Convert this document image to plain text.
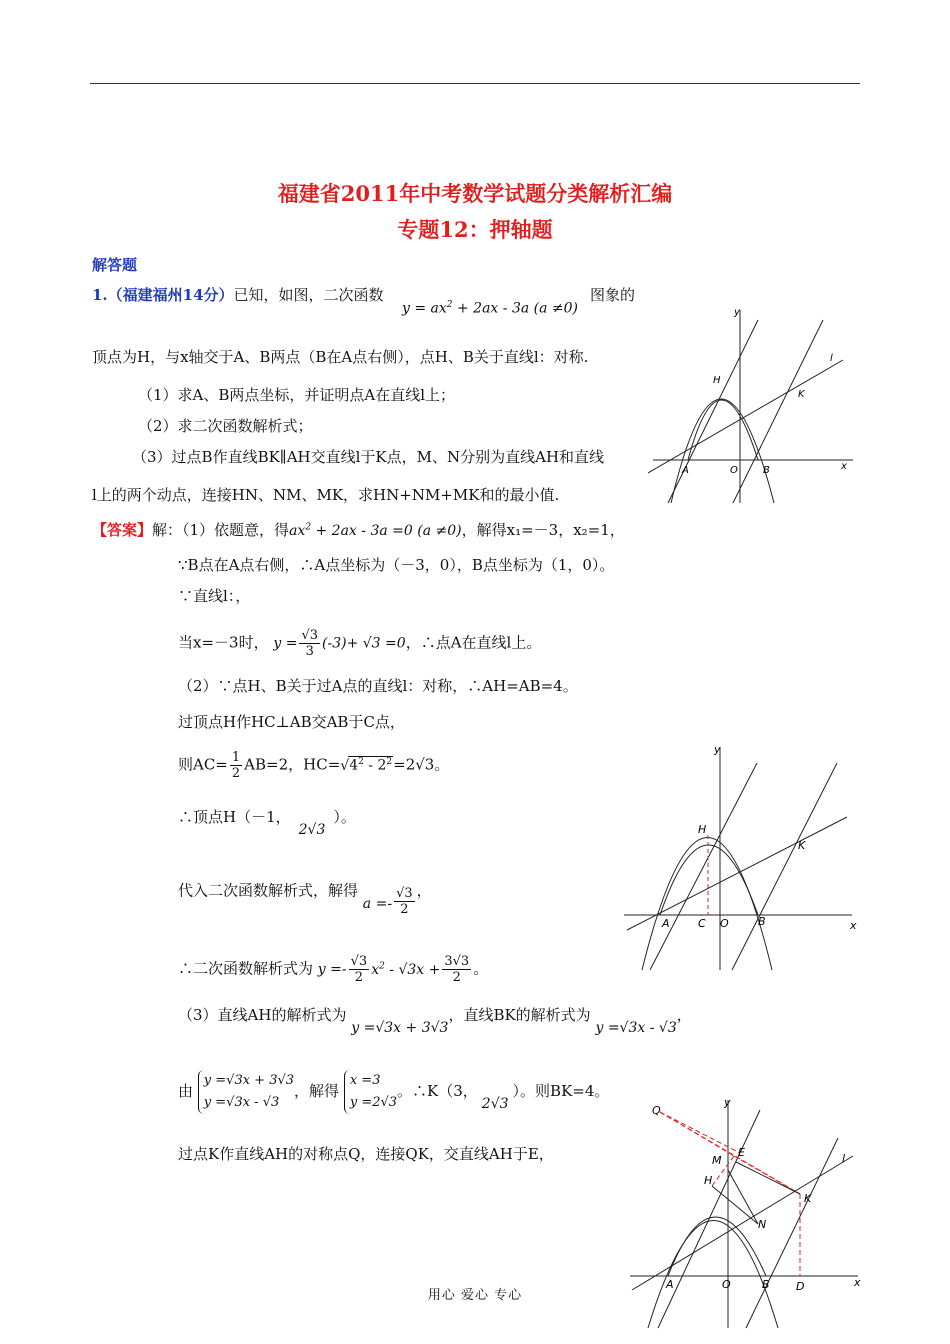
福建省2011年中考数学试题分类解析汇编
专题12：押轴题
解答题
1.（福建福州14分）已知，如图，二次函数
$y = ax^2 + 2ax - 3a$ (a ≠0)
图象的
顶点为H，与x轴交于A、B两点（B在A点右侧），点H、B关于直线l：对称.
（1）求A、B两点坐标，并证明点A在直线l上；
（2）求二次函数解析式；
（3）过点B作直线BK∥AH交直线l于K点，M、N分别为直线AH和直线
l上的两个动点，连接HN、NM、MK，求HN+NM+MK和的最小值.
【答案】解：（1）依题意，得$ax^2 + 2ax - 3a =0$ (a ≠0)，解得x₁=－3，x₂=1，
∵B点在A点右侧，∴A点坐标为（－3，0），B点坐标为（1，0）。
∵直线l：，
当x=－3时， $y = \frac{√3}{3} (-3)+ √3 =0$，∴点A在直线l上。
（2）∵点H、B关于过A点的直线l：对称，∴AH=AB=4。
过顶点H作HC⊥AB交AB于C点，
则$AC= \frac{1}{2} AB=2$，$HC=√4^2 - 2^2=2√3$。
∴顶点H（－1，2√3）。
代入二次函数解析式，解得 $a =- \frac{√3}{2}$ ，
∴二次函数解析式为 $y =- \frac{√3}{2} x^2 - √3x + \frac{3√3}{2}$ 。
（3）直线AH的解析式为 y =√3x + 3√3，直线BK的解析式为 y =√3x - √3，
由 y =√3x + 3√3
y =√3x - √3，解得 x =3
y =2√3。∴K（3，2√3）。则BK=4。
过点K作直线AH的对称点Q，连接QK，交直线AH于E，
y
x
O
A	B
H
K
l
y
x
O
A	B
C
H
K
y
x
O
A	B D
H
K
l
Q
E
M
N
用心 爱心 专心
